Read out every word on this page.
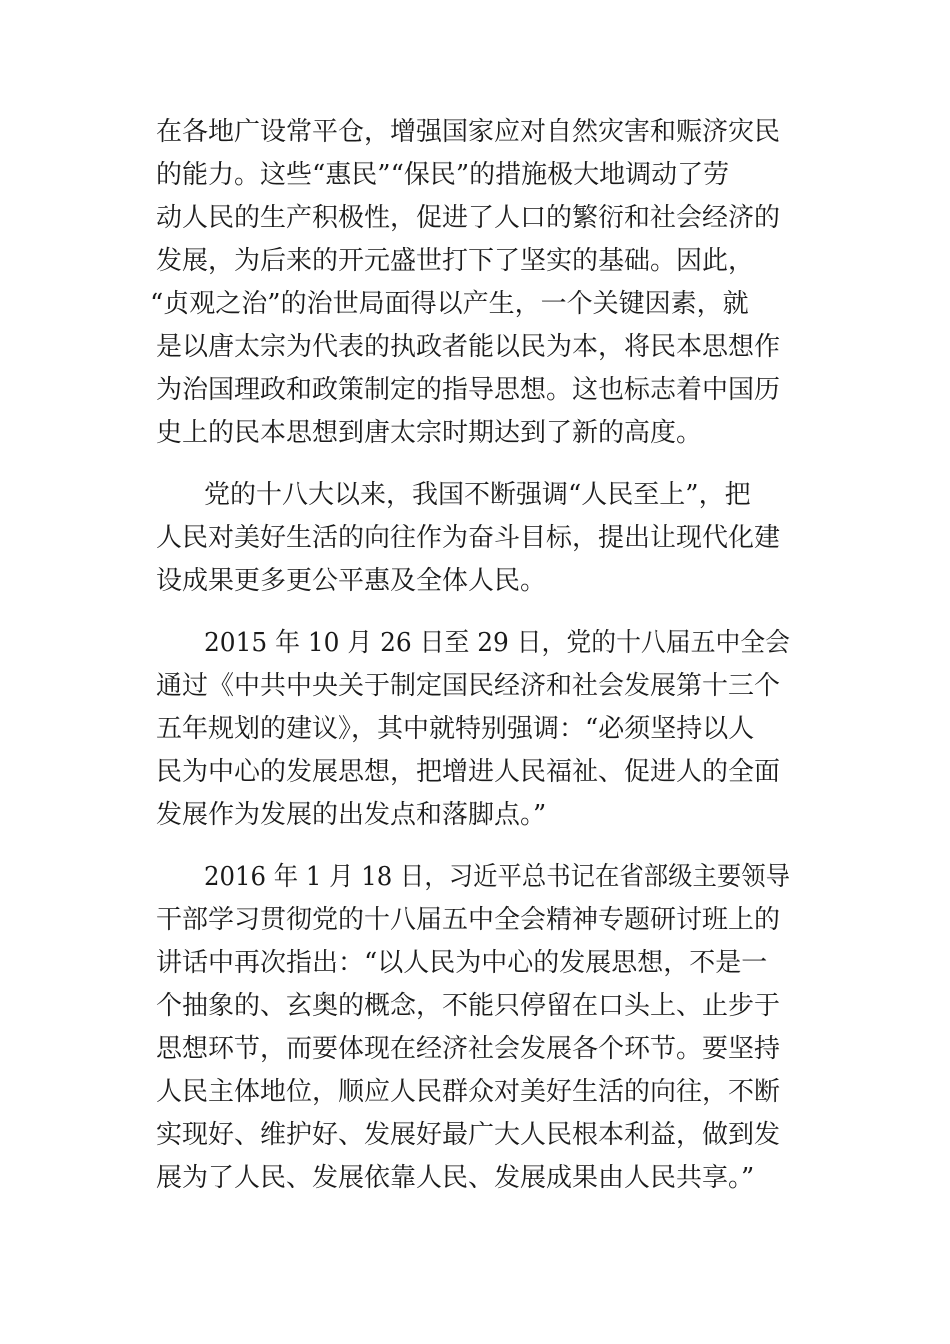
在各地广设常平仓，增强国家应对自然灾害和赈济灾民
的能力。这些“惠民”“保民”的措施极大地调动了劳
动人民的生产积极性，促进了人口的繁衍和社会经济的
发展，为后来的开元盛世打下了坚实的基础。因此，
“贞观之治”的治世局面得以产生，一个关键因素，就
是以唐太宗为代表的执政者能以民为本，将民本思想作
为治国理政和政策制定的指导思想。这也标志着中国历
史上的民本思想到唐太宗时期达到了新的高度。
党的十八大以来，我国不断强调“人民至上”，把
人民对美好生活的向往作为奋斗目标，提出让现代化建
设成果更多更公平惠及全体人民。
2015 年 10 月 26 日至 29 日，党的十八届五中全会
通过《中共中央关于制定国民经济和社会发展第十三个
五年规划的建议》，其中就特别强调：“必须坚持以人
民为中心的发展思想，把增进人民福祉、促进人的全面
发展作为发展的出发点和落脚点。”
2016 年 1 月 18 日，习近平总书记在省部级主要领导
干部学习贯彻党的十八届五中全会精神专题研讨班上的
讲话中再次指出：“以人民为中心的发展思想，不是一
个抽象的、玄奥的概念，不能只停留在口头上、止步于
思想环节，而要体现在经济社会发展各个环节。要坚持
人民主体地位，顺应人民群众对美好生活的向往，不断
实现好、维护好、发展好最广大人民根本利益，做到发
展为了人民、发展依靠人民、发展成果由人民共享。”
